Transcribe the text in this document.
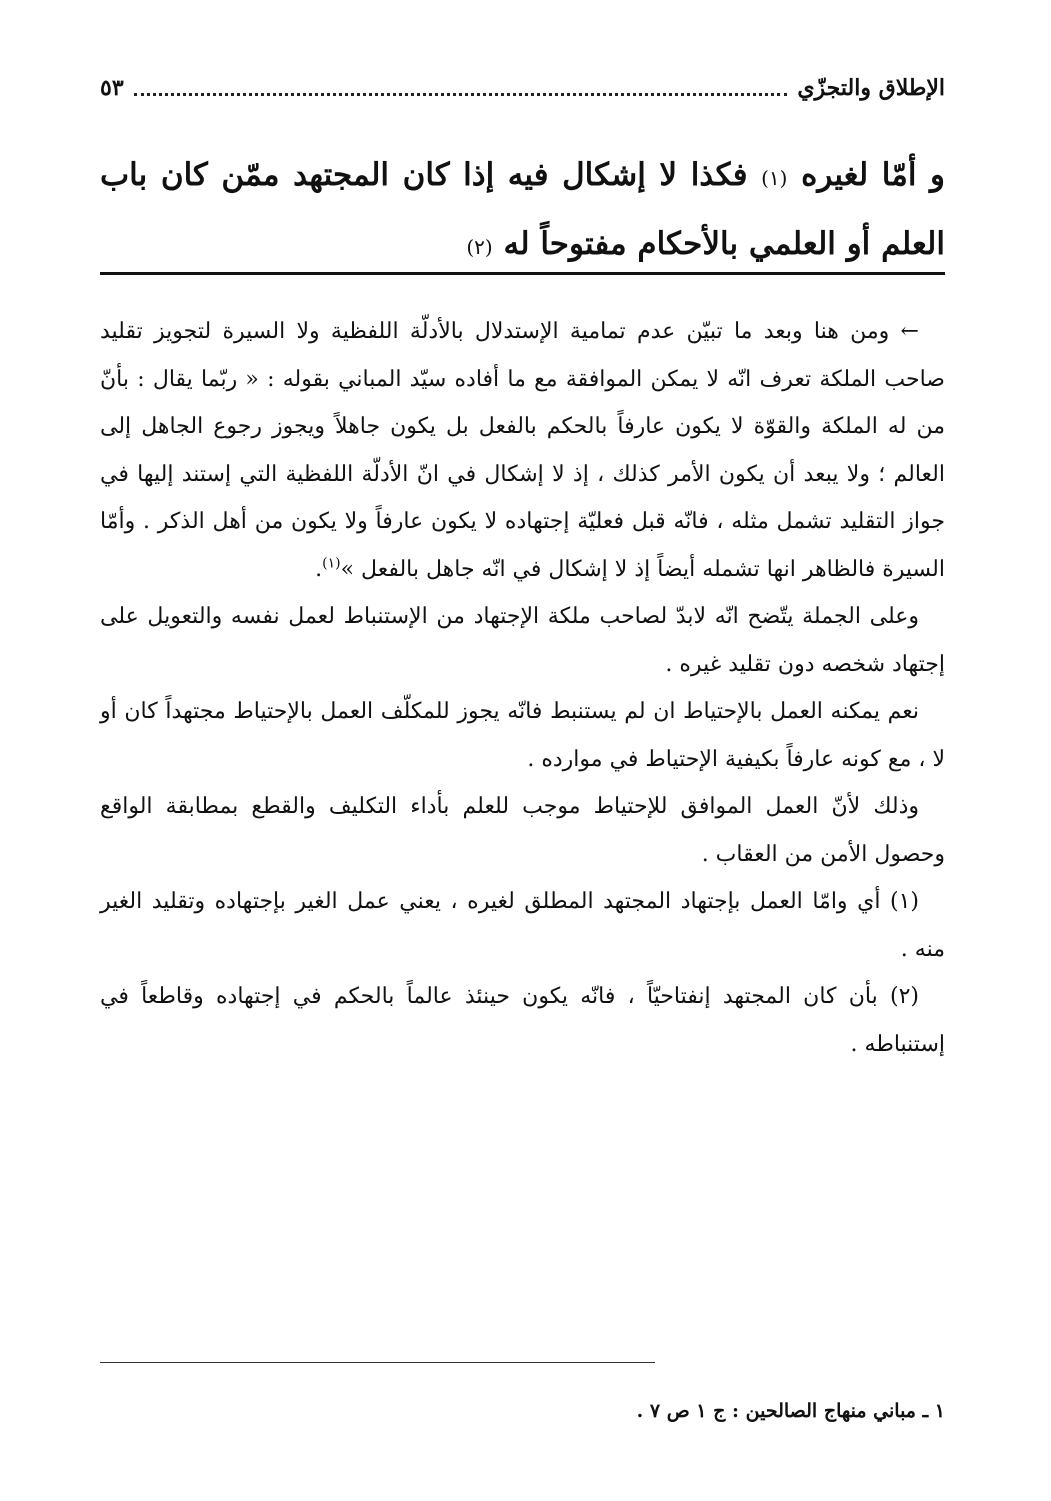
الإطلاق والتجزّي
٥٣
و أمّا لغيره (١) فكذا لا إشكال فيه إذا كان المجتهد ممّن كان باب العلم أو العلمي بالأحكام مفتوحاً له (٢)

← ومن هنا وبعد ما تبيّن عدم تمامية الإستدلال بالأدلّة اللفظية ولا السيرة لتجويز تقليد صاحب الملكة تعرف انّه لا يمكن الموافقة مع ما أفاده سيّد المباني بقوله : « ربّما يقال : بأنّ من له الملكة والقوّة لا يكون عارفاً بالحكم بالفعل بل يكون جاهلاً ويجوز رجوع الجاهل إلى العالم ؛ ولا يبعد أن يكون الأمر كذلك ، إذ لا إشكال في انّ الأدلّة اللفظية التي إستند إليها في جواز التقليد تشمل مثله ، فانّه قبل فعليّة إجتهاده لا يكون عارفاً ولا يكون من أهل الذكر . وأمّا السيرة فالظاهر انها تشمله أيضاً إذ لا إشكال في انّه جاهل بالفعل »$^{(١)}$.

وعلى الجملة يتّضح انّه لابدّ لصاحب ملكة الإجتهاد من الإستنباط لعمل نفسه والتعويل على إجتهاد شخصه دون تقليد غيره .

نعم يمكنه العمل بالإحتياط ان لم يستنبط فانّه يجوز للمكلّف العمل بالإحتياط مجتهداً كان أو لا ، مع كونه عارفاً بكيفية الإحتياط في موارده .

وذلك لأنّ العمل الموافق للإحتياط موجب للعلم بأداء التكليف والقطع بمطابقة الواقع وحصول الأمن من العقاب .

(١) أي وامّا العمل بإجتهاد المجتهد المطلق لغيره ، يعني عمل الغير بإجتهاده وتقليد الغير منه .

(٢) بأن كان المجتهد إنفتاحيّاً ، فانّه يكون حينئذ عالماً بالحكم في إجتهاده وقاطعاً في إستنباطه .

١ ـ مباني منهاج الصالحين : ج ١ ص ٧ .
